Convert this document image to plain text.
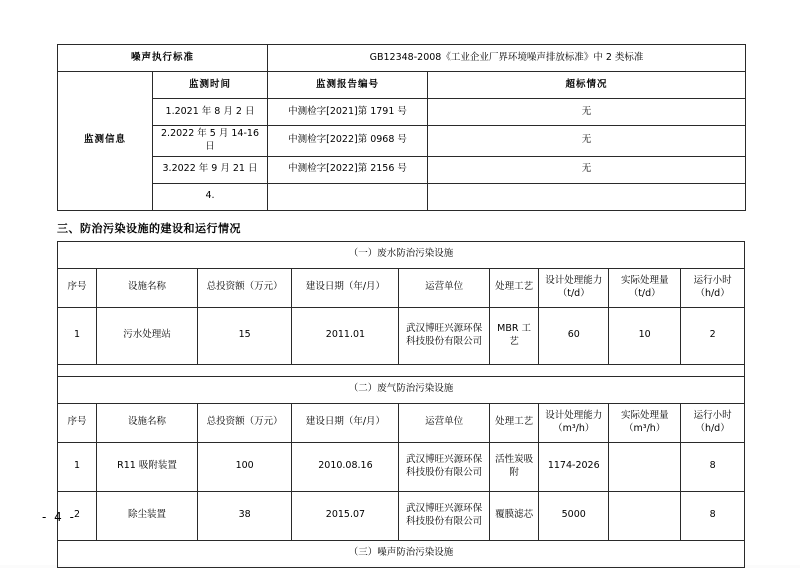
噪声执行标准		GB12348-2008《工业企业厂界环境噪声排放标准》中 2 类标准	
监测信息	监测时间	监测报告编号	超标情况
	1.2021 年 8 月 2 日	中测检字[2021]第 1791 号	无
	2.2022 年 5 月 14-16 日	中测检字[2022]第 0968 号	无
	3.2022 年 9 月 21 日	中测检字[2022]第 2156 号	无
	4.		
三、防治污染设施的建设和运行情况
（一）废水防治污染设施								
序号	设施名称	总投资额（万元）	建设日期（年/月）	运营单位	处理工艺	设计处理能力（t/d）	实际处理量（t/d）	运行小时（h/d）
1	污水处理站	15	2011.01	武汉博旺兴源环保科技股份有限公司	MBR 工艺	60	10	2

（二）废气防治污染设施								
序号	设施名称	总投资额（万元）	建设日期（年/月）	运营单位	处理工艺	设计处理能力（m³/h）	实际处理量（m³/h）	运行小时（h/d）
1	R11 吸附装置	100	2010.08.16	武汉博旺兴源环保科技股份有限公司	活性炭吸附	1174-2026		8
2	除尘装置	38	2015.07	武汉博旺兴源环保科技股份有限公司	覆膜滤芯	5000		8
（三）噪声防治污染设施								
- 4 -
